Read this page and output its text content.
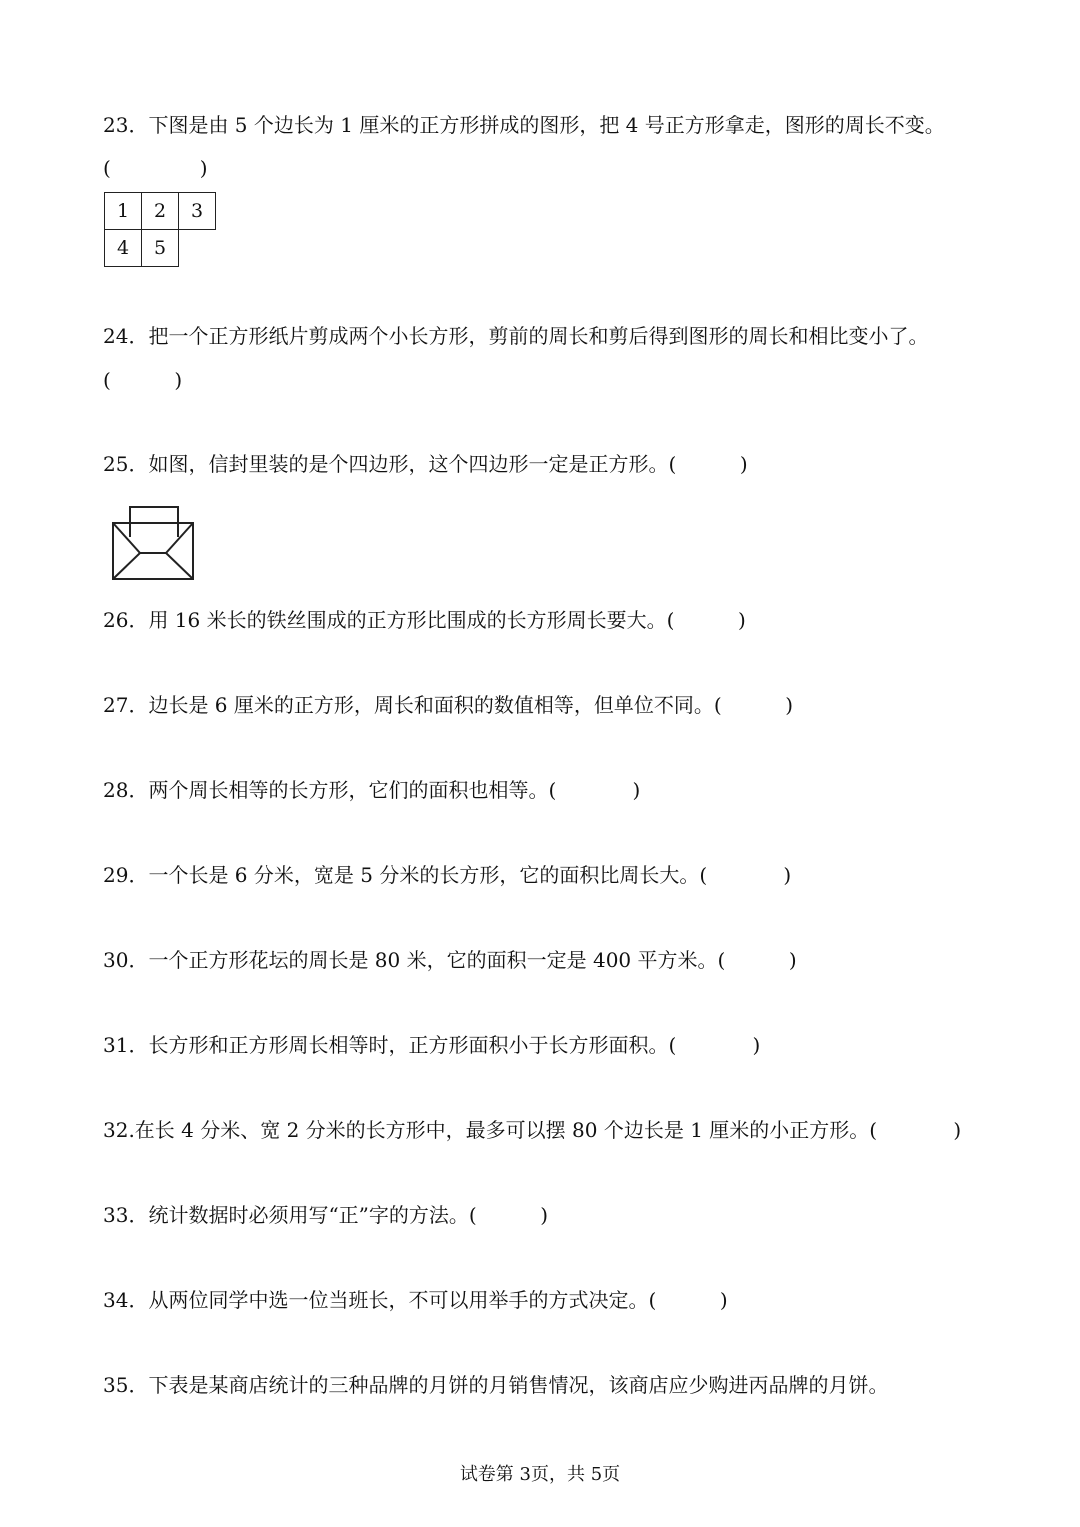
23．下图是由 5 个边长为 1 厘米的正方形拼成的图形，把 4 号正方形拿走，图形的周长不变。
(              )
1	2	3
4	5
24．把一个正方形纸片剪成两个小长方形，剪前的周长和剪后得到图形的周长和相比变小了。
(          )
25．如图，信封里装的是个四边形，这个四边形一定是正方形。(          )
26．用 16 米长的铁丝围成的正方形比围成的长方形周长要大。(          )
27．边长是 6 厘米的正方形，周长和面积的数值相等，但单位不同。(          )
28．两个周长相等的长方形，它们的面积也相等。(            )
29．一个长是 6 分米，宽是 5 分米的长方形，它的面积比周长大。(            )
30．一个正方形花坛的周长是 80 米，它的面积一定是 400 平方米。(          )
31．长方形和正方形周长相等时，正方形面积小于长方形面积。(            )
32.在长 4 分米、宽 2 分米的长方形中，最多可以摆 80 个边长是 1 厘米的小正方形。(            )
33．统计数据时必须用写“正”字的方法。(          )
34．从两位同学中选一位当班长，不可以用举手的方式决定。(          )
35．下表是某商店统计的三种品牌的月饼的月销售情况，该商店应少购进丙品牌的月饼。
试卷第 3页，共 5页
